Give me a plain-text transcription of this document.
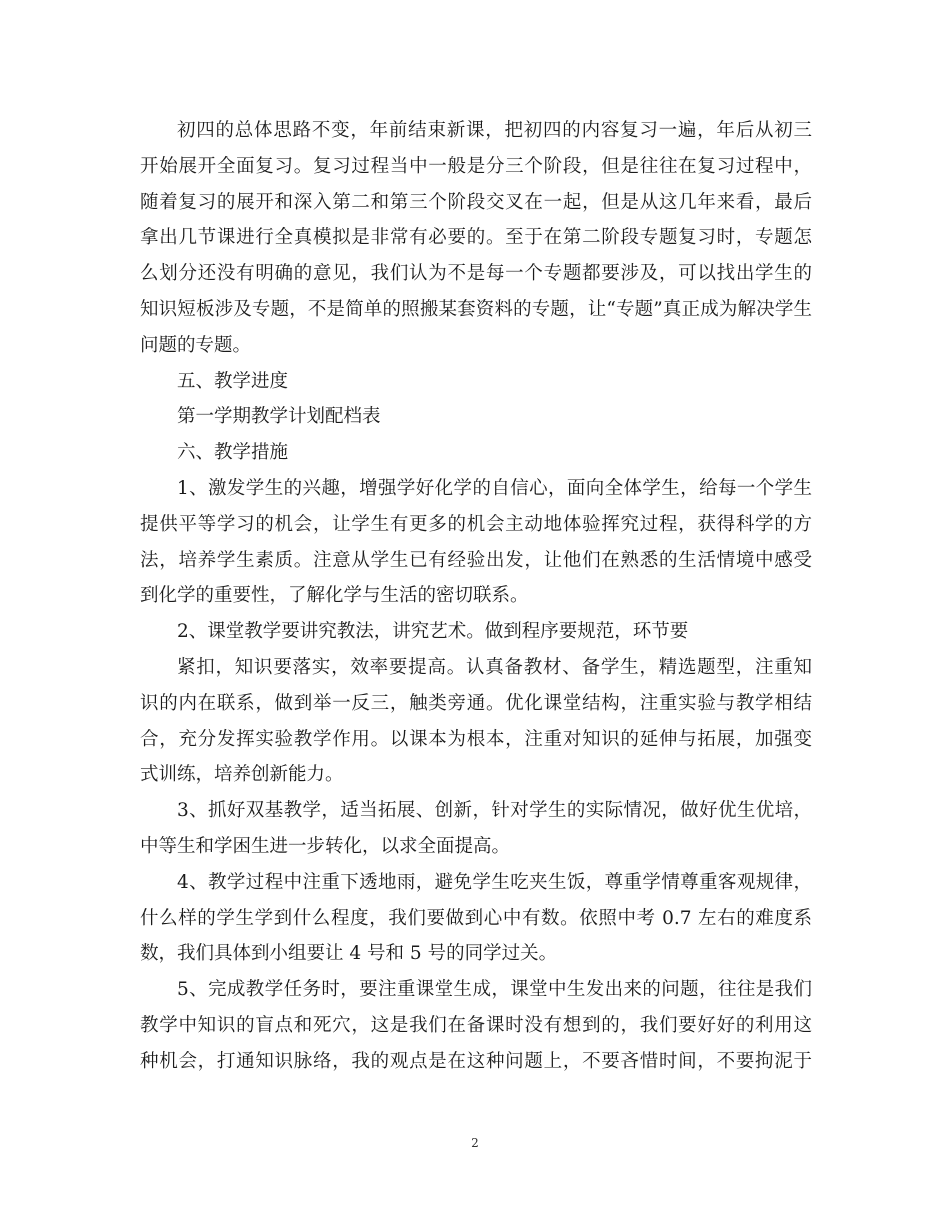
初四的总体思路不变，年前结束新课，把初四的内容复习一遍，年后从初三
开始展开全面复习。复习过程当中一般是分三个阶段，但是往往在复习过程中，
随着复习的展开和深入第二和第三个阶段交叉在一起，但是从这几年来看，最后
拿出几节课进行全真模拟是非常有必要的。至于在第二阶段专题复习时，专题怎
么划分还没有明确的意见，我们认为不是每一个专题都要涉及，可以找出学生的
知识短板涉及专题，不是简单的照搬某套资料的专题，让“专题”真正成为解决学生
问题的专题。
五、教学进度
第一学期教学计划配档表
六、教学措施
1、激发学生的兴趣，增强学好化学的自信心，面向全体学生，给每一个学生
提供平等学习的机会，让学生有更多的机会主动地体验挥究过程，获得科学的方
法，培养学生素质。注意从学生已有经验出发，让他们在熟悉的生活情境中感受
到化学的重要性，了解化学与生活的密切联系。
2、课堂教学要讲究教法，讲究艺术。做到程序要规范，环节要
紧扣，知识要落实，效率要提高。认真备教材、备学生，精选题型，注重知
识的内在联系，做到举一反三，触类旁通。优化课堂结构，注重实验与教学相结
合，充分发挥实验教学作用。以课本为根本，注重对知识的延伸与拓展，加强变
式训练，培养创新能力。
3、抓好双基教学，适当拓展、创新，针对学生的实际情况，做好优生优培，
中等生和学困生进一步转化，以求全面提高。
4、教学过程中注重下透地雨，避免学生吃夹生饭，尊重学情尊重客观规律，
什么样的学生学到什么程度，我们要做到心中有数。依照中考 0.7 左右的难度系
数，我们具体到小组要让 4 号和 5 号的同学过关。
5、完成教学任务时，要注重课堂生成，课堂中生发出来的问题，往往是我们
教学中知识的盲点和死穴，这是我们在备课时没有想到的，我们要好好的利用这
种机会，打通知识脉络，我的观点是在这种问题上，不要吝惜时间，不要拘泥于
2
